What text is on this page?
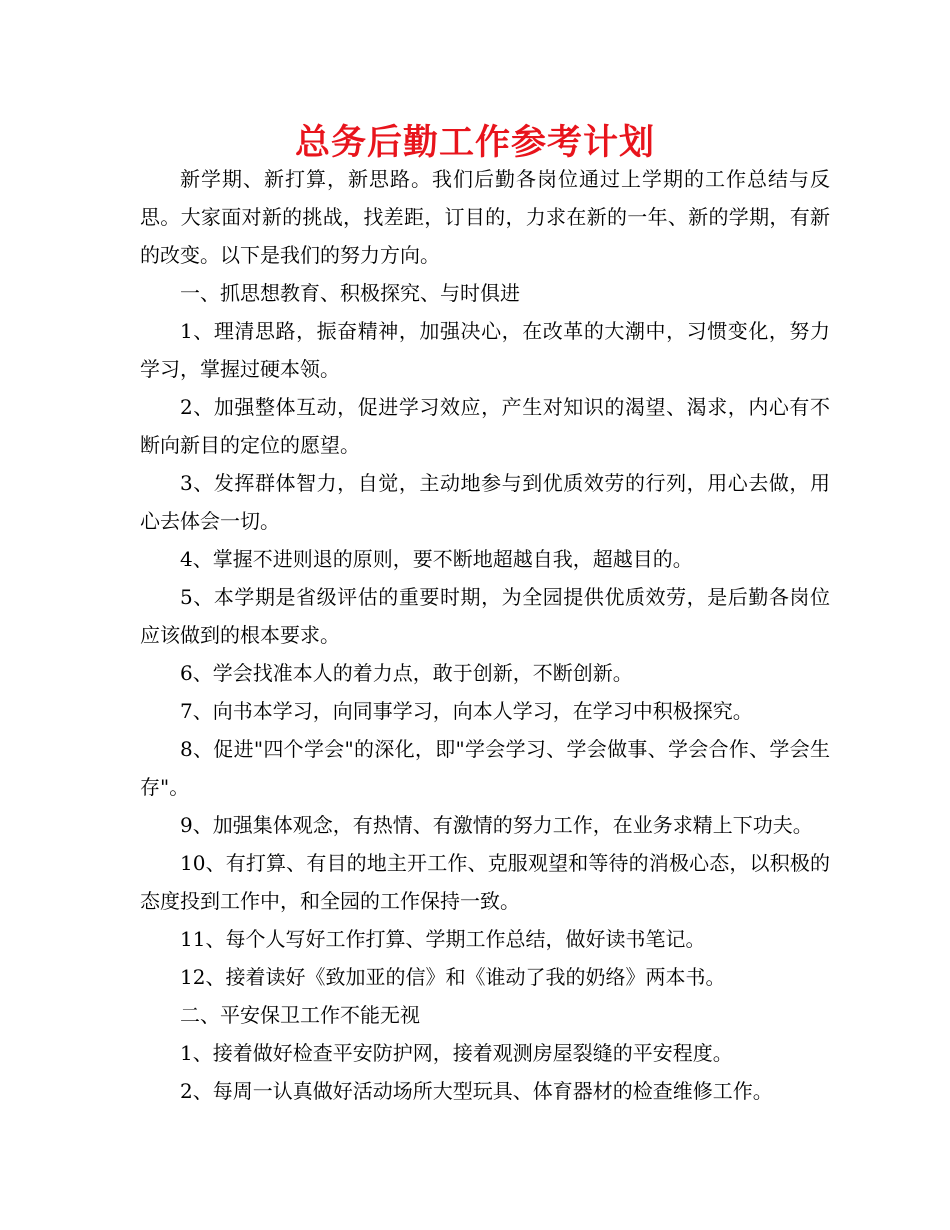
总务后勤工作参考计划

新学期、新打算，新思路。我们后勤各岗位通过上学期的工作总结与反思。大家面对新的挑战，找差距，订目的，力求在新的一年、新的学期，有新的改变。以下是我们的努力方向。

一、抓思想教育、积极探究、与时俱进

1、理清思路，振奋精神，加强决心，在改革的大潮中，习惯变化，努力学习，掌握过硬本领。

2、加强整体互动，促进学习效应，产生对知识的渴望、渴求，内心有不断向新目的定位的愿望。

3、发挥群体智力，自觉，主动地参与到优质效劳的行列，用心去做，用心去体会一切。

4、掌握不进则退的原则，要不断地超越自我，超越目的。

5、本学期是省级评估的重要时期，为全园提供优质效劳，是后勤各岗位应该做到的根本要求。

6、学会找准本人的着力点，敢于创新，不断创新。

7、向书本学习，向同事学习，向本人学习，在学习中积极探究。

8、促进"四个学会"的深化，即"学会学习、学会做事、学会合作、学会生存"。

9、加强集体观念，有热情、有激情的努力工作，在业务求精上下功夫。

10、有打算、有目的地主开工作、克服观望和等待的消极心态，以积极的态度投到工作中，和全园的工作保持一致。

11、每个人写好工作打算、学期工作总结，做好读书笔记。

12、接着读好《致加亚的信》和《谁动了我的奶络》两本书。

二、平安保卫工作不能无视

1、接着做好检查平安防护网，接着观测房屋裂缝的平安程度。

2、每周一认真做好活动场所大型玩具、体育器材的检查维修工作。
